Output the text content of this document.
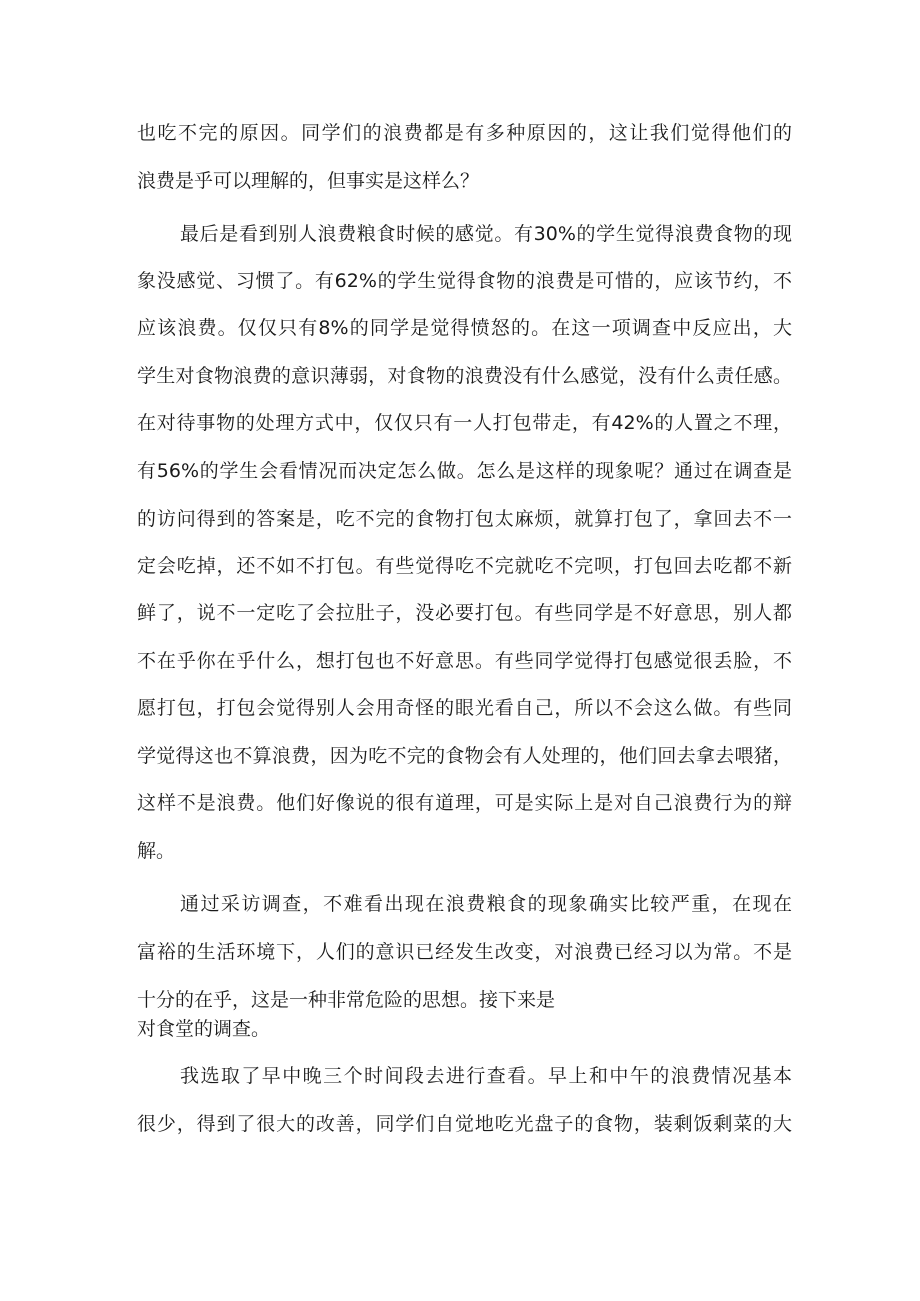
也吃不完的原因。同学们的浪费都是有多种原因的，这让我们觉得他们的
浪费是乎可以理解的，但事实是这样么？
最后是看到别人浪费粮食时候的感觉。有30%的学生觉得浪费食物的现
象没感觉、习惯了。有62%的学生觉得食物的浪费是可惜的，应该节约，不
应该浪费。仅仅只有8%的同学是觉得愤怒的。在这一项调查中反应出，大
学生对食物浪费的意识薄弱，对食物的浪费没有什么感觉，没有什么责任感。
在对待事物的处理方式中，仅仅只有一人打包带走，有42%的人置之不理，
有56%的学生会看情况而决定怎么做。怎么是这样的现象呢？通过在调查是
的访问得到的答案是，吃不完的食物打包太麻烦，就算打包了，拿回去不一
定会吃掉，还不如不打包。有些觉得吃不完就吃不完呗，打包回去吃都不新
鲜了，说不一定吃了会拉肚子，没必要打包。有些同学是不好意思，别人都
不在乎你在乎什么，想打包也不好意思。有些同学觉得打包感觉很丢脸，不
愿打包，打包会觉得别人会用奇怪的眼光看自己，所以不会这么做。有些同
学觉得这也不算浪费，因为吃不完的食物会有人处理的，他们回去拿去喂猪，
这样不是浪费。他们好像说的很有道理，可是实际上是对自己浪费行为的辩
解。
通过采访调查，不难看出现在浪费粮食的现象确实比较严重，在现在
富裕的生活环境下，人们的意识已经发生改变，对浪费已经习以为常。不是
十分的在乎，这是一种非常危险的思想。接下来是
对食堂的调查。
我选取了早中晚三个时间段去进行查看。早上和中午的浪费情况基本
很少，得到了很大的改善，同学们自觉地吃光盘子的食物，装剩饭剩菜的大
